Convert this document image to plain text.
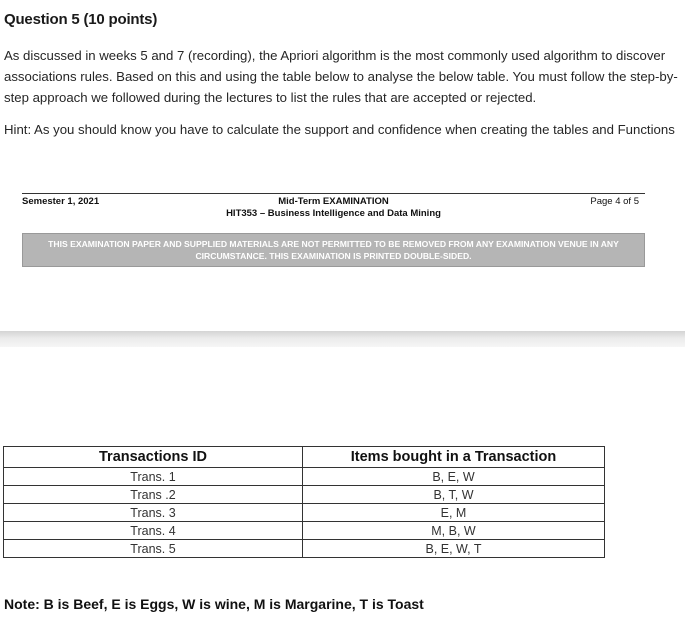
Question 5 (10 points)
As discussed in weeks 5 and 7 (recording), the Apriori algorithm is the most commonly used algorithm to discover associations rules. Based on this and using the table below to analyse the below table. You must follow the step-by-step approach we followed during the lectures to list the rules that are accepted or rejected.
Hint: As you should know you have to calculate the support and confidence when creating the tables and Functions
Semester 1, 2021	Mid-Term EXAMINATION
HIT353 – Business Intelligence and Data Mining
Page 4 of 5
THIS EXAMINATION PAPER AND SUPPLIED MATERIALS ARE NOT PERMITTED TO BE REMOVED FROM ANY EXAMINATION VENUE IN ANY CIRCUMSTANCE. THIS EXAMINATION IS PRINTED DOUBLE-SIDED.
Transactions ID	Items bought in a Transaction
Trans. 1	B, E, W
Trans .2	B, T, W
Trans. 3	E, M
Trans. 4	M, B, W
Trans. 5	B, E, W, T
Note: B is Beef, E is Eggs, W is wine, M is Margarine, T is Toast
